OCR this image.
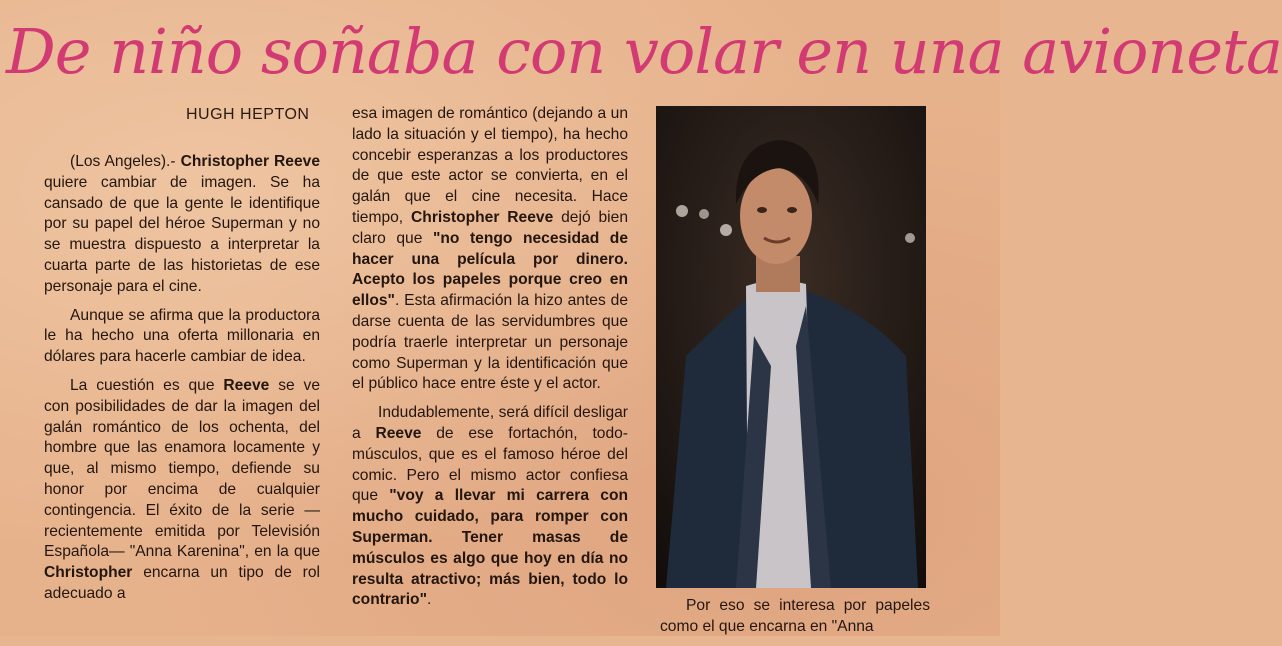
De niño soñaba con volar en una avioneta
HUGH HEPTON

(Los Angeles).- Christopher Reeve quiere cambiar de imagen. Se ha cansado de que la gente le identifique por su papel del héroe Superman y no se muestra dispuesto a interpretar la cuarta parte de las historietas de ese personaje para el cine.

Aunque se afirma que la productora le ha hecho una oferta millonaria en dólares para hacerle cambiar de idea.

La cuestión es que Reeve se ve con posibilidades de dar la imagen del galán romántico de los ochenta, del hombre que las enamora locamente y que, al mismo tiempo, defiende su honor por encima de cualquier contingencia. El éxito de la serie —recientemente emitida por Televisión Española— "Anna Karenina", en la que Christopher encarna un tipo de rol adecuado a

esa imagen de romántico (dejando a un lado la situación y el tiempo), ha hecho concebir esperanzas a los productores de que este actor se convierta, en el galán que el cine necesita. Hace tiempo, Christopher Reeve dejó bien claro que "no tengo necesidad de hacer una película por dinero. Acepto los papeles porque creo en ellos". Esta afirmación la hizo antes de darse cuenta de las servidumbres que podría traerle interpretar un personaje como Superman y la identificación que el público hace entre éste y el actor.

Indudablemente, será difícil desligar a Reeve de ese fortachón, todo-músculos, que es el famoso héroe del comic. Pero el mismo actor confiesa que "voy a llevar mi carrera con mucho cuidado, para romper con Superman. Tener masas de músculos es algo que hoy en día no resulta atractivo; más bien, todo lo contrario".	Por eso se interesa por papeles como el que encarna en "Anna
